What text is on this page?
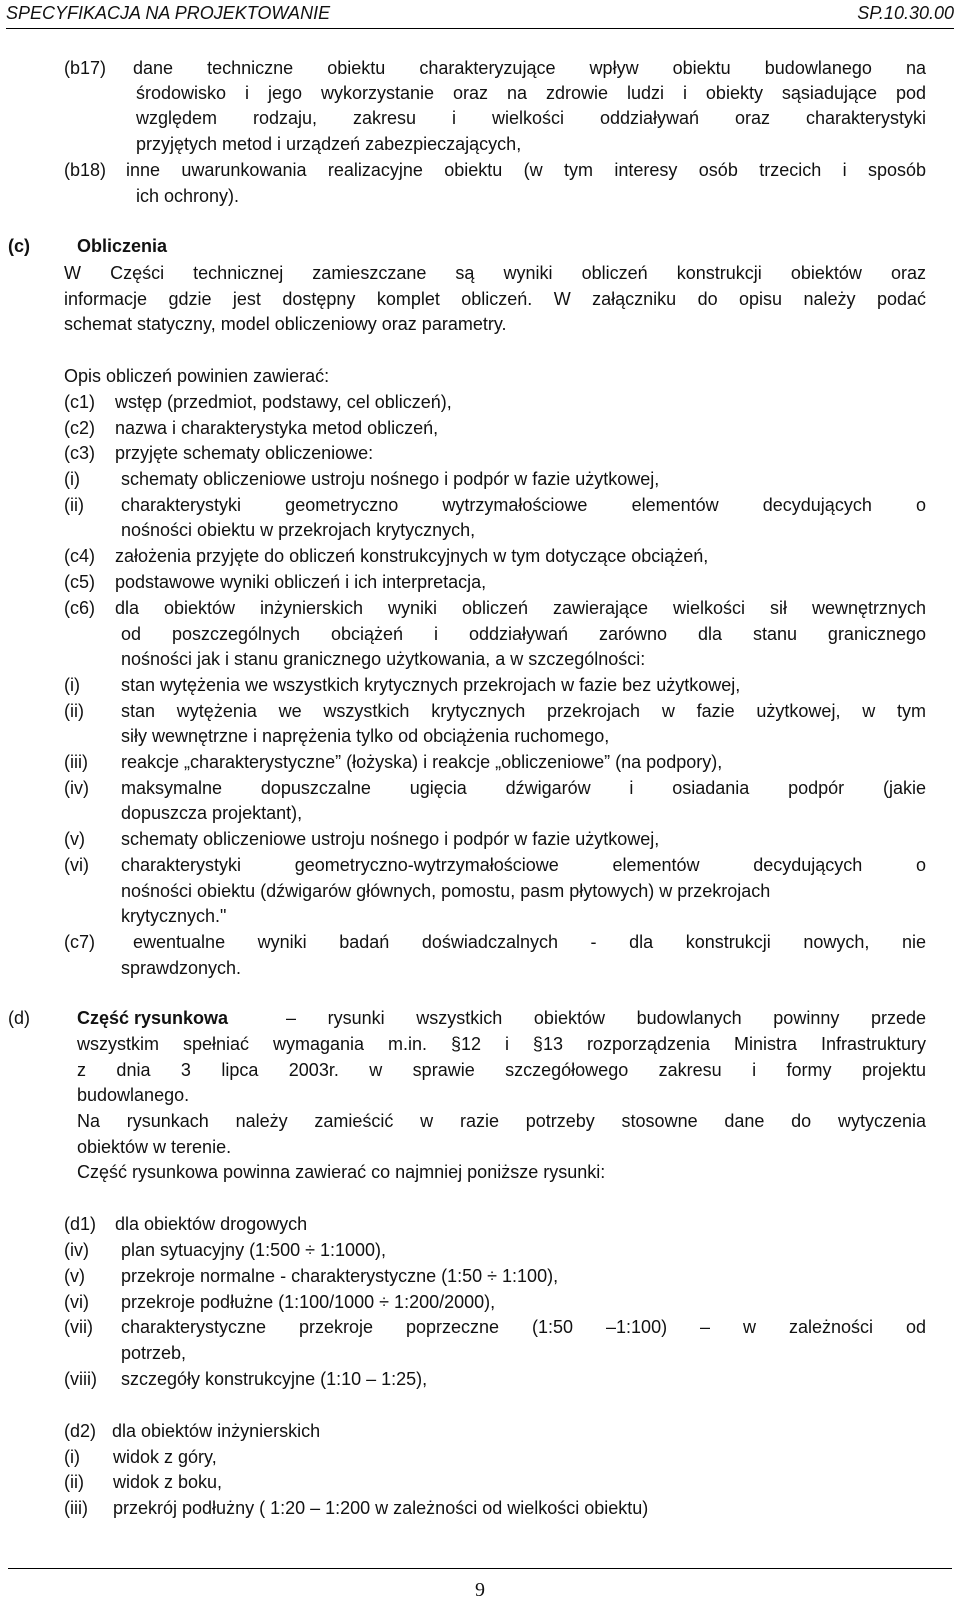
SPECYFIKACJA NA PROJEKTOWANIE	SP.10.30.00
(b17) dane techniczne obiektu charakteryzujące wpływ obiektu budowlanego na
środowisko i jego wykorzystanie oraz na zdrowie ludzi i obiekty sąsiadujące pod
względem rodzaju, zakresu i wielkości oddziaływań oraz charakterystyki
przyjętych metod i urządzeń zabezpieczających,
(b18) inne uwarunkowania realizacyjne obiektu (w tym interesy osób trzecich i sposób
ich ochrony).
(c)	Obliczenia
W Części technicznej zamieszczane są wyniki obliczeń konstrukcji obiektów oraz
informacje gdzie jest dostępny komplet obliczeń. W załączniku do opisu należy podać
schemat statyczny, model obliczeniowy oraz parametry.
Opis obliczeń powinien zawierać:
(c1) wstęp (przedmiot, podstawy, cel obliczeń),
(c2) nazwa i charakterystyka metod obliczeń,
(c3) przyjęte schematy obliczeniowe:
(i) schematy obliczeniowe ustroju nośnego i podpór w fazie użytkowej,
(ii) charakterystyki geometryczno wytrzymałościowe elementów decydujących o
nośności obiektu w przekrojach krytycznych,
(c4) założenia przyjęte do obliczeń konstrukcyjnych w tym dotyczące obciążeń,
(c5) podstawowe wyniki obliczeń i ich interpretacja,
(c6) dla obiektów inżynierskich wyniki obliczeń zawierające wielkości sił wewnętrznych
od poszczególnych obciążeń i oddziaływań zarówno dla stanu granicznego
nośności jak i stanu granicznego użytkowania, a w szczególności:
(i) stan wytężenia we wszystkich krytycznych przekrojach w fazie bez użytkowej,
(ii) stan wytężenia we wszystkich krytycznych przekrojach w fazie użytkowej, w tym
siły wewnętrzne i naprężenia tylko od obciążenia ruchomego,
(iii) reakcje „charakterystyczne” (łożyska) i reakcje „obliczeniowe” (na podpory),
(iv) maksymalne dopuszczalne ugięcia dźwigarów i osiadania podpór (jakie
dopuszcza projektant),
(v) schematy obliczeniowe ustroju nośnego i podpór w fazie użytkowej,
(vi) charakterystyki geometryczno-wytrzymałościowe elementów decydujących o
nośności obiektu (dźwigarów głównych, pomostu, pasm płytowych) w przekrojach
krytycznych."
(c7) ewentualne wyniki badań doświadczalnych - dla konstrukcji nowych, nie
sprawdzonych.
(d)	Część rysunkowa	– rysunki wszystkich obiektów budowlanych powinny przede
wszystkim spełniać wymagania m.in. §12 i §13 rozporządzenia Ministra Infrastruktury
z dnia 3 lipca 2003r. w sprawie szczegółowego zakresu i formy projektu
budowlanego.
Na rysunkach należy zamieścić w razie potrzeby stosowne dane do wytyczenia
obiektów w terenie.
Część rysunkowa powinna zawierać co najmniej poniższe rysunki:
(d1) dla obiektów drogowych
(iv) plan sytuacyjny (1:500 ÷ 1:1000),
(v) przekroje normalne - charakterystyczne (1:50 ÷ 1:100),
(vi) przekroje podłużne (1:100/1000 ÷ 1:200/2000),
(vii) charakterystyczne przekroje poprzeczne (1:50 –1:100) – w zależności od
potrzeb,
(viii) szczegóły konstrukcyjne (1:10 – 1:25),
(d2) dla obiektów inżynierskich
(i) widok z góry,
(ii) widok z boku,
(iii) przekrój podłużny ( 1:20 – 1:200 w zależności od wielkości obiektu)
9
